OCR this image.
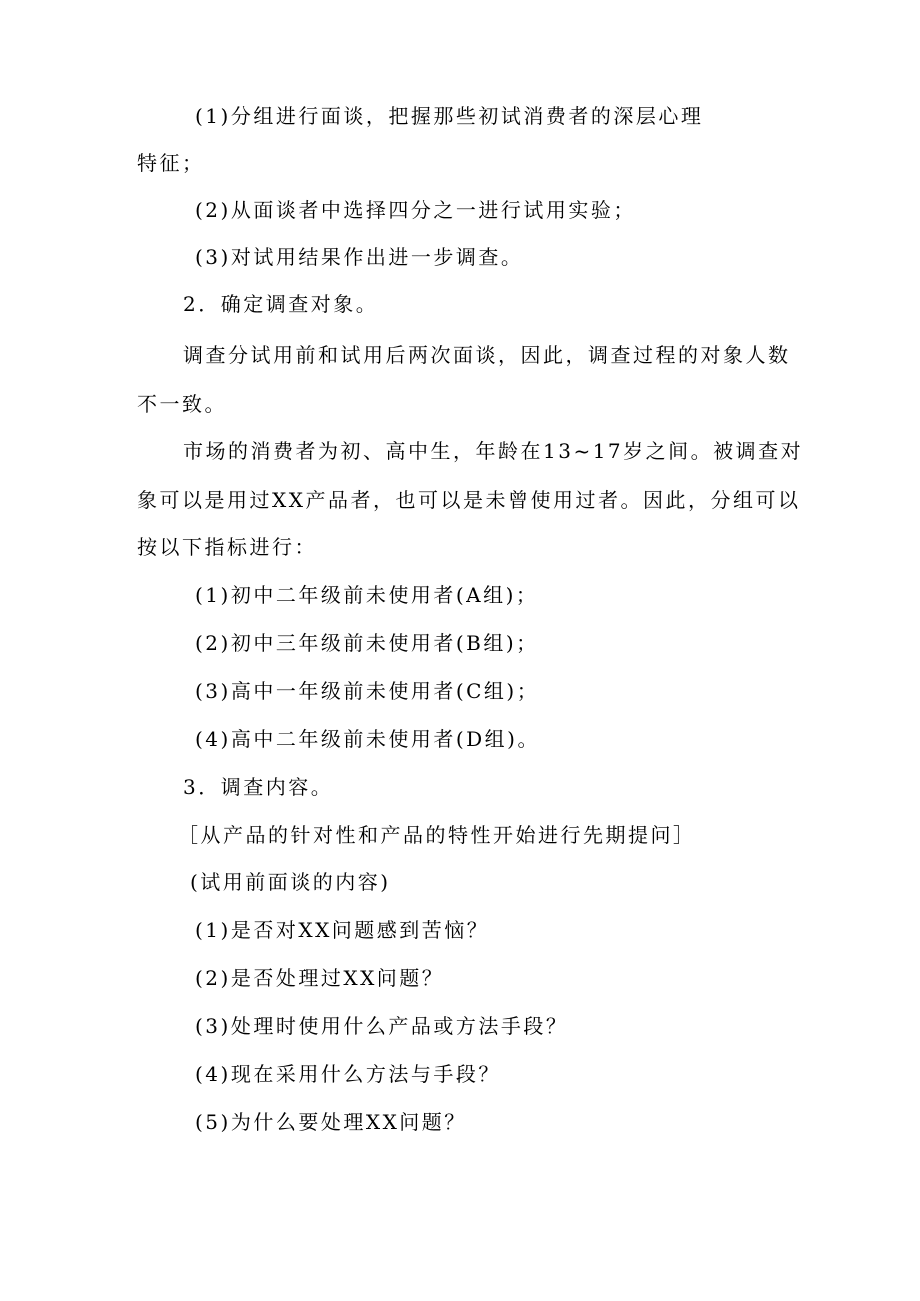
(1)分组进行面谈，把握那些初试消费者的深层心理
特征；
(2)从面谈者中选择四分之一进行试用实验；
(3)对试用结果作出进一步调查。
2．确定调查对象。
调查分试用前和试用后两次面谈，因此，调查过程的对象人数
不一致。
市场的消费者为初、高中生，年龄在13~17岁之间。被调查对
象可以是用过XX产品者，也可以是未曾使用过者。因此，分组可以
按以下指标进行：
(1)初中二年级前未使用者(A组)；
(2)初中三年级前未使用者(B组)；
(3)高中一年级前未使用者(C组)；
(4)高中二年级前未使用者(D组)。
3．调查内容。
［从产品的针对性和产品的特性开始进行先期提问］
(试用前面谈的内容)
(1)是否对XX问题感到苦恼？
(2)是否处理过XX问题？
(3)处理时使用什么产品或方法手段？
(4)现在采用什么方法与手段？
(5)为什么要处理XX问题？
